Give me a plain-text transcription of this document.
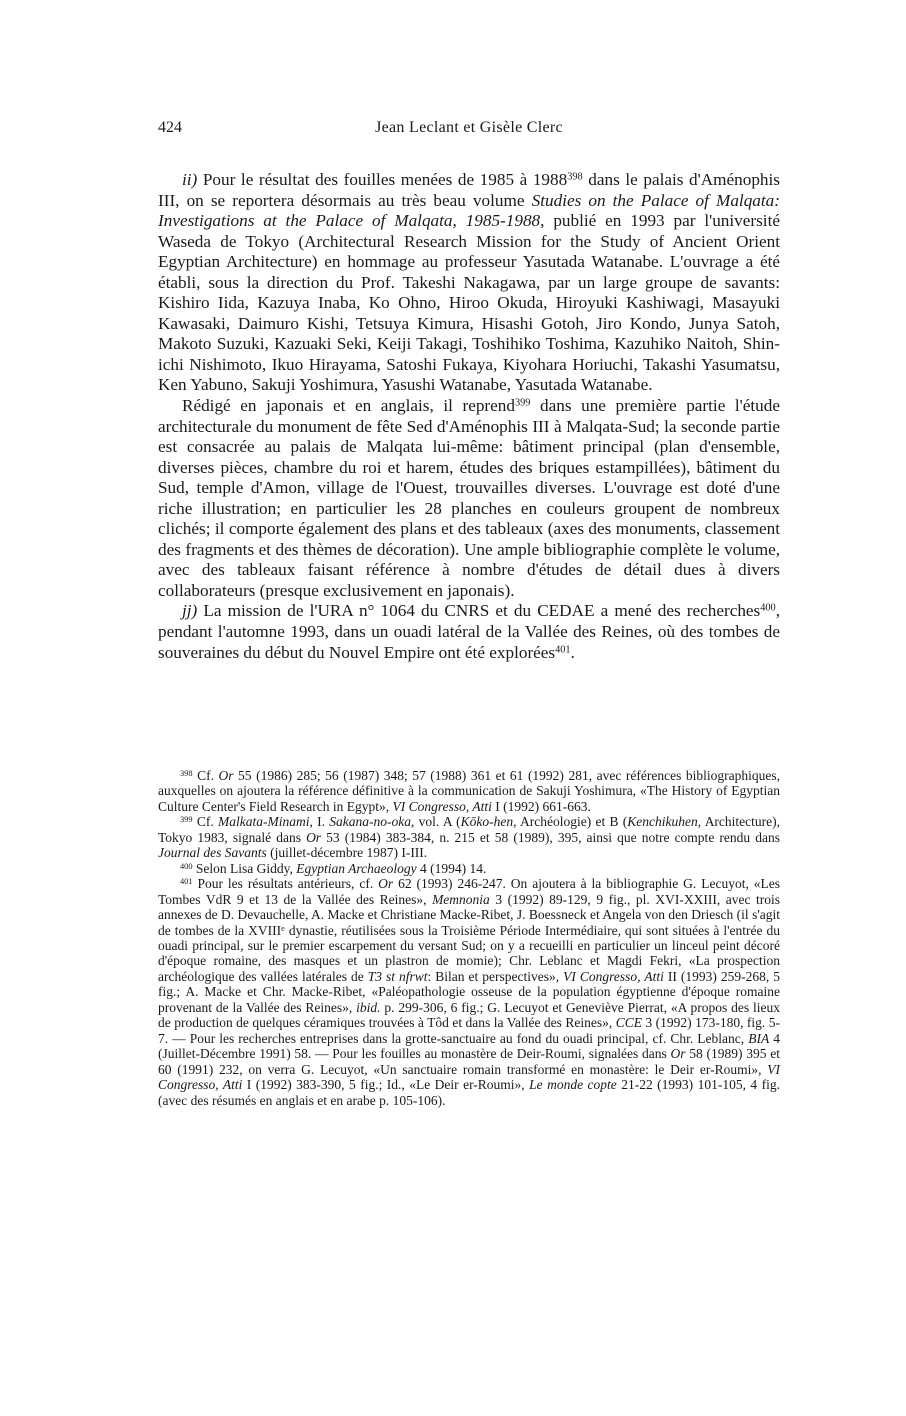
424	Jean Leclant et Gisèle Clerc

ii) Pour le résultat des fouilles menées de 1985 à 1988$^{398}$ dans le palais d'Aménophis III, on se reportera désormais au très beau volume Studies on the Palace of Malqata: Investigations at the Palace of Malqata, 1985-1988, publié en 1993 par l'université Waseda de Tokyo (Architectural Research Mission for the Study of Ancient Orient Egyptian Architecture) en hommage au professeur Yasutada Watanabe. L'ouvrage a été établi, sous la direction du Prof. Takeshi Nakagawa, par un large groupe de savants: Kishiro Iida, Kazuya Inaba, Ko Ohno, Hiroo Okuda, Hiroyuki Kashiwagi, Masayuki Kawasaki, Daimuro Kishi, Tetsuya Kimura, Hisashi Gotoh, Jiro Kondo, Junya Satoh, Makoto Suzuki, Kazuaki Seki, Keiji Takagi, Toshihiko Toshima, Kazuhiko Naitoh, Shin-ichi Nishimoto, Ikuo Hirayama, Satoshi Fukaya, Kiyohara Horiuchi, Takashi Yasumatsu, Ken Yabuno, Sakuji Yoshimura, Yasushi Watanabe, Yasutada Watanabe.

Rédigé en japonais et en anglais, il reprend$^{399}$ dans une première partie l'étude architecturale du monument de fête Sed d'Aménophis III à Malqata-Sud; la seconde partie est consacrée au palais de Malqata lui-même: bâtiment principal (plan d'ensemble, diverses pièces, chambre du roi et harem, études des briques estampillées), bâtiment du Sud, temple d'Amon, village de l'Ouest, trouvailles diverses. L'ouvrage est doté d'une riche illustration; en particulier les 28 planches en couleurs groupent de nombreux clichés; il comporte également des plans et des tableaux (axes des monuments, classement des fragments et des thèmes de décoration). Une ample bibliographie complète le volume, avec des tableaux faisant référence à nombre d'études de détail dues à divers collaborateurs (presque exclusivement en japonais).

jj) La mission de l'URA n° 1064 du CNRS et du CEDAE a mené des recherches$^{400}$, pendant l'automne 1993, dans un ouadi latéral de la Vallée des Reines, où des tombes de souveraines du début du Nouvel Empire ont été explorées$^{401}$.

$^{398}$ Cf. Or 55 (1986) 285; 56 (1987) 348; 57 (1988) 361 et 61 (1992) 281, avec références bibliographiques, auxquelles on ajoutera la référence définitive à la communication de Sakuji Yoshimura, «The History of Egyptian Culture Center's Field Research in Egypt», VI Congresso, Atti I (1992) 661-663.

$^{399}$ Cf. Malkata-Minami, I. Sakana-no-oka, vol. A (Kōko-hen, Archéologie) et B (Kenchikuhen, Architecture), Tokyo 1983, signalé dans Or 53 (1984) 383-384, n. 215 et 58 (1989), 395, ainsi que notre compte rendu dans Journal des Savants (juillet-décembre 1987) I-III.

$^{400}$ Selon Lisa Giddy, Egyptian Archaeology 4 (1994) 14.

$^{401}$ Pour les résultats antérieurs, cf. Or 62 (1993) 246-247. On ajoutera à la bibliographie G. Lecuyot, «Les Tombes VdR 9 et 13 de la Vallée des Reines», Memnonia 3 (1992) 89-129, 9 fig., pl. XVI-XXIII, avec trois annexes de D. Devauchelle, A. Macke et Christiane Macke-Ribet, J. Boessneck et Angela von den Driesch (il s'agit de tombes de la XVIIIe dynastie, réutilisées sous la Troisième Période Intermédiaire, qui sont situées à l'entrée du ouadi principal, sur le premier escarpement du versant Sud; on y a recueilli en particulier un linceul peint décoré d'époque romaine, des masques et un plastron de momie); Chr. Leblanc et Magdi Fekri, «La prospection archéologique des vallées latérales de T3 st nfrwt: Bilan et perspectives», VI Congresso, Atti II (1993) 259-268, 5 fig.; A. Macke et Chr. Macke-Ribet, «Paléopathologie osseuse de la population égyptienne d'époque romaine provenant de la Vallée des Reines», ibid. p. 299-306, 6 fig.; G. Lecuyot et Geneviève Pierrat, «A propos des lieux de production de quelques céramiques trouvées à Tôd et dans la Vallée des Reines», CCE 3 (1992) 173-180, fig. 5-7. — Pour les recherches entreprises dans la grotte-sanctuaire au fond du ouadi principal, cf. Chr. Leblanc, BIA 4 (Juillet-Décembre 1991) 58. — Pour les fouilles au monastère de Deir-Roumi, signalées dans Or 58 (1989) 395 et 60 (1991) 232, on verra G. Lecuyot, «Un sanctuaire romain transformé en monastère: le Deir er-Roumi», VI Congresso, Atti I (1992) 383-390, 5 fig.; Id., «Le Deir er-Roumi», Le monde copte 21-22 (1993) 101-105, 4 fig. (avec des résumés en anglais et en arabe p. 105-106).
